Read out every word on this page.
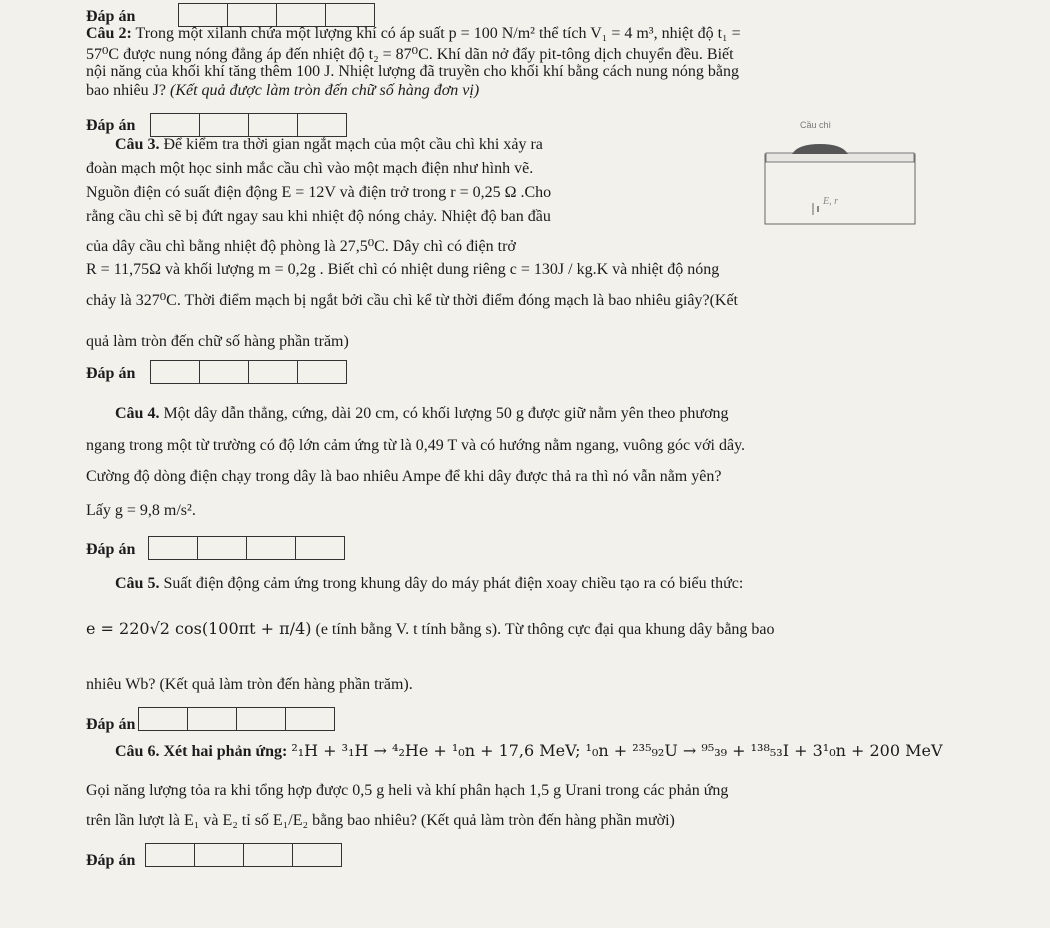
Đáp án
Câu 2: Trong một xilanh chứa một lượng khí có áp suất p = 100 N/m² thể tích V₁ = 4 m³, nhiệt độ t₁ =
57⁰C được nung nóng đẳng áp đến nhiệt độ t₂ = 87⁰C. Khí dãn nở đẩy pit-tông dịch chuyển đều. Biết
nội năng của khối khí tăng thêm 100 J. Nhiệt lượng đã truyền cho khối khí bằng cách nung nóng bằng
bao nhiêu J? (Kết quả được làm tròn đến chữ số hàng đơn vị)
Đáp án
Câu 3. Để kiểm tra thời gian ngắt mạch của một cầu chì khi xảy ra
đoàn mạch một học sinh mắc cầu chì vào một mạch điện như hình vẽ.
Nguồn điện có suất điện động E = 12V và điện trở trong r = 0,25 Ω .Cho
rằng cầu chì sẽ bị đứt ngay sau khi nhiệt độ nóng chảy. Nhiệt độ ban đầu
của dây cầu chì bằng nhiệt độ phòng là 27,5⁰C. Dây chì có điện trở
R = 11,75Ω và khối lượng m = 0,2g . Biết chì có nhiệt dung riêng c = 130J / kg.K và nhiệt độ nóng
chảy là 327⁰C. Thời điểm mạch bị ngắt bởi cầu chì kể từ thời điểm đóng mạch là bao nhiêu giây?(Kết
quả làm tròn đến chữ số hàng phần trăm)
Đáp án
Cầu chì
E, r
Câu 4. Một dây dẫn thẳng, cứng, dài 20 cm, có khối lượng 50 g được giữ nằm yên theo phương
ngang trong một từ trường có độ lớn cảm ứng từ là 0,49 T và có hướng nằm ngang, vuông góc với dây.
Cường độ dòng điện chạy trong dây là bao nhiêu Ampe để khi dây được thả ra thì nó vẫn nằm yên?
Lấy g = 9,8 m/s².
Đáp án
Câu 5. Suất điện động cảm ứng trong khung dây do máy phát điện xoay chiều tạo ra có biểu thức:
e = 220√2 cos(100πt + π/4) (e tính bằng V. t tính bằng s). Từ thông cực đại qua khung dây bằng bao
nhiêu Wb? (Kết quả làm tròn đến hàng phần trăm).
Đáp án
Câu 6. Xét hai phản ứng: ²₁H + ³₁H → ⁴₂He + ¹₀n + 17,6 MeV; ¹₀n + ²³⁵₉₂U → ⁹⁵₃₉ + ¹³⁸₅₃I + 3¹₀n + 200 MeV
Gọi năng lượng tỏa ra khi tổng hợp được 0,5 g heli và khí phân hạch 1,5 g Urani trong các phản ứng
trên lần lượt là E₁ và E₂ tỉ số E₁/E₂ bằng bao nhiêu? (Kết quả làm tròn đến hàng phần mười)
Đáp án
